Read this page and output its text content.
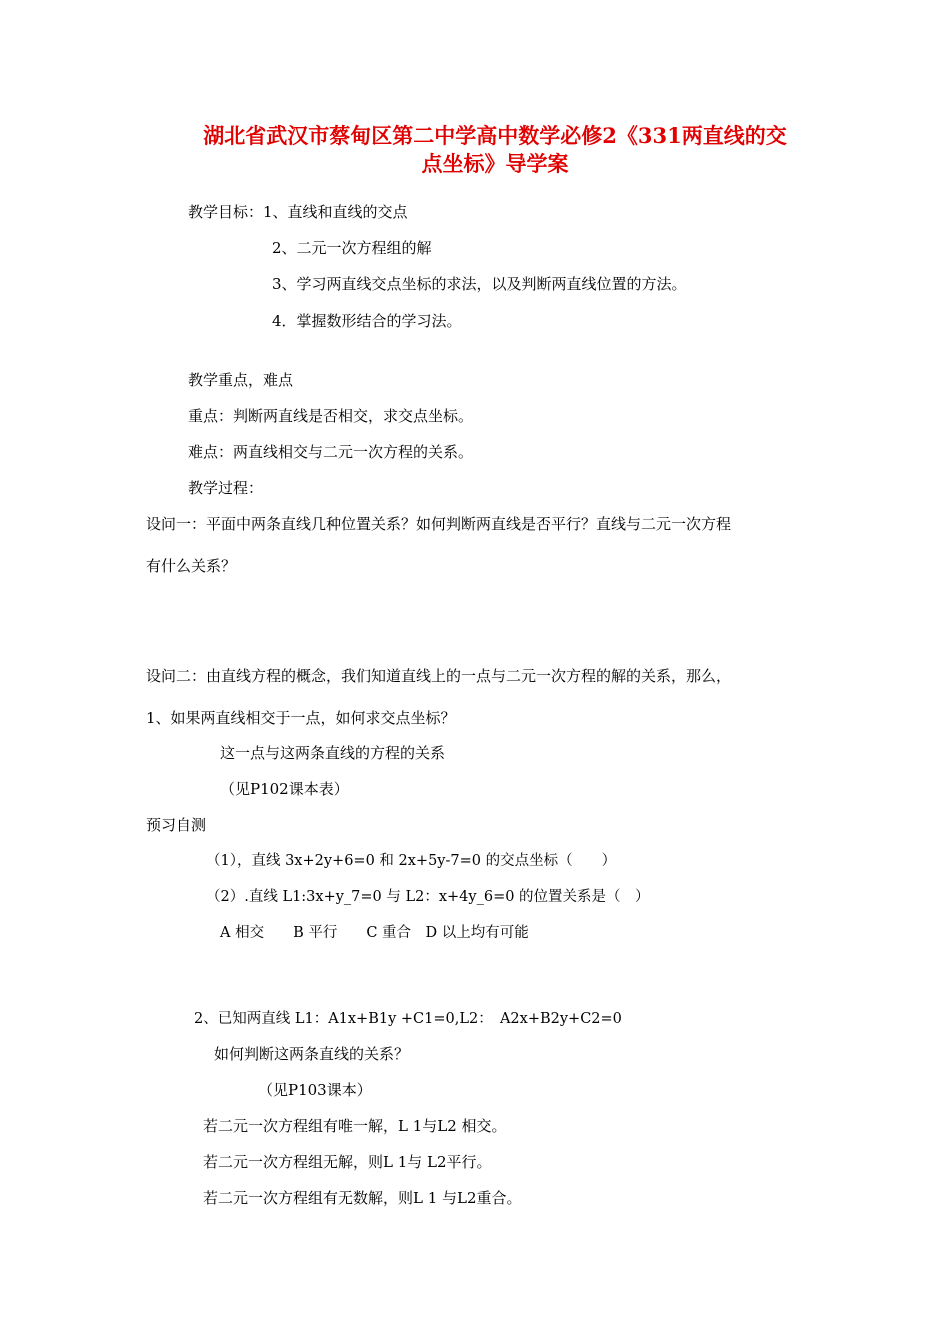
湖北省武汉市蔡甸区第二中学高中数学必修2《331两直线的交
点坐标》导学案
教学目标：1、直线和直线的交点
2、二元一次方程组的解
3、学习两直线交点坐标的求法，以及判断两直线位置的方法。
4．掌握数形结合的学习法。
教学重点，难点
重点：判断两直线是否相交，求交点坐标。
难点：两直线相交与二元一次方程的关系。
教学过程：
设问一：平面中两条直线几种位置关系？如何判断两直线是否平行？直线与二元一次方程
有什么关系？
设问二：由直线方程的概念，我们知道直线上的一点与二元一次方程的解的关系，那么，
1、如果两直线相交于一点，如何求交点坐标？
这一点与这两条直线的方程的关系
（见P102课本表）
预习自测
（1），直线 3x+2y+6=0 和 2x+5y-7=0 的交点坐标（　　）
（2）.直线 L1:3x+y_7=0 与 L2：x+4y_6=0 的位置关系是（　）
A 相交　　B 平行　　C 重合　D 以上均有可能
2、已知两直线 L1：A1x+B1y +C1=0,L2：　A2x+B2y+C2=0
如何判断这两条直线的关系？
（见P103课本）
若二元一次方程组有唯一解，L 1与L2 相交。
若二元一次方程组无解，则L 1与 L2平行。
若二元一次方程组有无数解，则L 1 与L2重合。
